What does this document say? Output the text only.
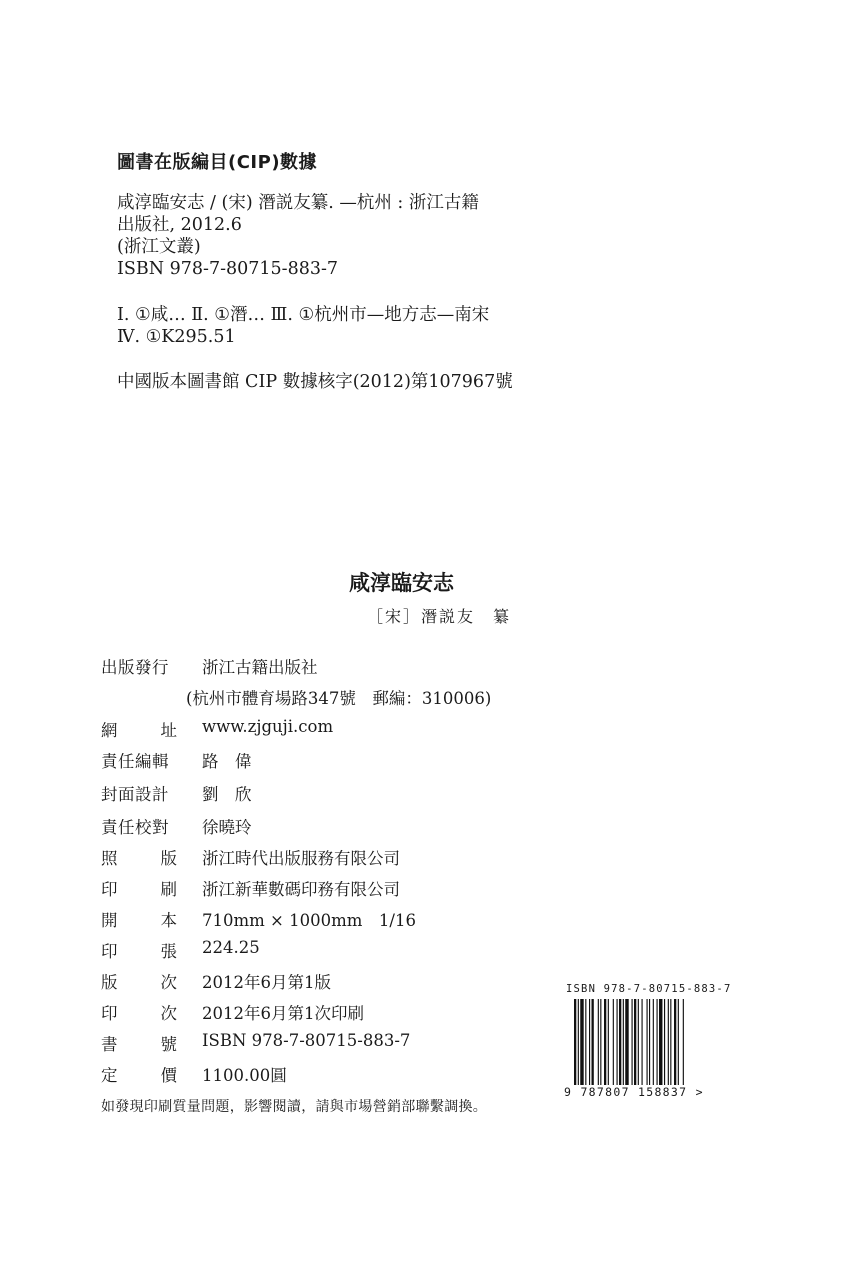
圖書在版編目(CIP)數據
咸淳臨安志 / (宋) 潛説友纂. —杭州 : 浙江古籍
出版社, 2012.6
(浙江文叢)
ISBN 978-7-80715-883-7
Ⅰ. ①咸… Ⅱ. ①潛… Ⅲ. ①杭州市—地方志—南宋
Ⅳ. ①K295.51
中國版本圖書館 CIP 數據核字(2012)第107967號
咸淳臨安志
［宋］潛説友　纂
出版發行	浙江古籍出版社
(杭州市體育場路347號　郵編：310006)
網	址 www.zjguji.com
責任編輯	路　偉
封面設計	劉　欣
責任校對	徐曉玲
照	版 浙江時代出版服務有限公司
印	刷 浙江新華數碼印務有限公司
開	本 710mm × 1000mm　1/16
印	張 224.25
版	次 2012年6月第1版
印	次 2012年6月第1次印刷
書	號 ISBN 978-7-80715-883-7
定	價 1100.00圓
如發現印刷質量問題，影響閱讀，請與市場營銷部聯繫調換。
ISBN 978-7-80715-883-7
9 787807 158837 >
